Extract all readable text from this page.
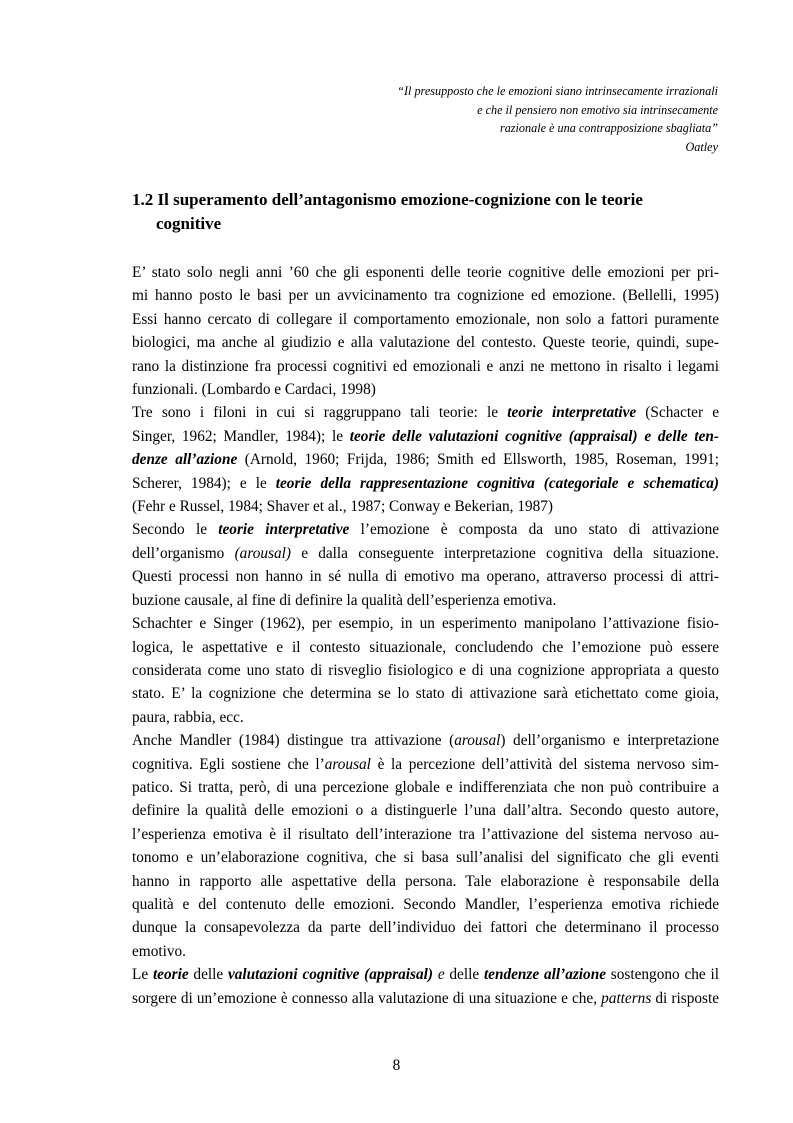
“Il presupposto che le emozioni siano intrinsecamente irrazionali
e che il pensiero non emotivo sia intrinsecamente
razionale è una contrapposizione sbagliata”
Oatley
1.2 Il superamento dell’antagonismo emozione-cognizione con le teorie
cognitive
E’ stato solo negli anni ’60 che gli esponenti delle teorie cognitive delle emozioni per pri-
mi hanno posto le basi per un avvicinamento tra cognizione ed emozione. (Bellelli, 1995)
Essi hanno cercato di collegare il comportamento emozionale, non solo a fattori puramente
biologici, ma anche al giudizio e alla valutazione del contesto. Queste teorie, quindi, supe-
rano la distinzione fra processi cognitivi ed emozionali e anzi ne mettono in risalto i legami
funzionali. (Lombardo e Cardaci, 1998)
Tre sono i filoni in cui si raggruppano tali teorie: le teorie interpretative (Schacter e
Singer, 1962; Mandler, 1984); le teorie delle valutazioni cognitive (appraisal) e delle ten-
denze all’azione (Arnold, 1960; Frijda, 1986; Smith ed Ellsworth, 1985, Roseman, 1991;
Scherer, 1984); e le teorie della rappresentazione cognitiva (categoriale e schematica)
(Fehr e Russel, 1984; Shaver et al., 1987; Conway e Bekerian, 1987)
Secondo le teorie interpretative l’emozione è composta da uno stato di attivazione
dell’organismo (arousal) e dalla conseguente interpretazione cognitiva della situazione.
Questi processi non hanno in sé nulla di emotivo ma operano, attraverso processi di attri-
buzione causale, al fine di definire la qualità dell’esperienza emotiva.
Schachter e Singer (1962), per esempio, in un esperimento manipolano l’attivazione fisio-
logica, le aspettative e il contesto situazionale, concludendo che l’emozione può essere
considerata come uno stato di risveglio fisiologico e di una cognizione appropriata a questo
stato. E’ la cognizione che determina se lo stato di attivazione sarà etichettato come gioia,
paura, rabbia, ecc.
Anche Mandler (1984) distingue tra attivazione (arousal) dell’organismo e interpretazione
cognitiva. Egli sostiene che l’arousal è la percezione dell’attività del sistema nervoso sim-
patico. Si tratta, però, di una percezione globale e indifferenziata che non può contribuire a
definire la qualità delle emozioni o a distinguerle l’una dall’altra. Secondo questo autore,
l’esperienza emotiva è il risultato dell’interazione tra l’attivazione del sistema nervoso au-
tonomo e un’elaborazione cognitiva, che si basa sull’analisi del significato che gli eventi
hanno in rapporto alle aspettative della persona. Tale elaborazione è responsabile della
qualità e del contenuto delle emozioni. Secondo Mandler, l’esperienza emotiva richiede
dunque la consapevolezza da parte dell’individuo dei fattori che determinano il processo
emotivo.
Le teorie delle valutazioni cognitive (appraisal) e delle tendenze all’azione sostengono che il
sorgere di un’emozione è connesso alla valutazione di una situazione e che, patterns di risposte
8
